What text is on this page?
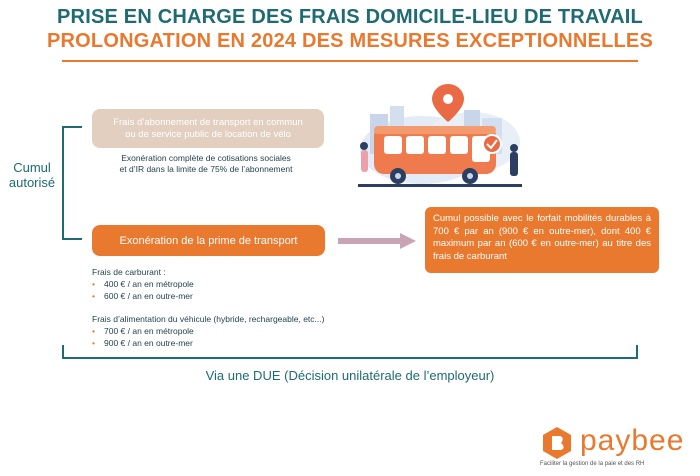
PRISE EN CHARGE DES FRAIS DOMICILE-LIEU DE TRAVAIL
PROLONGATION EN 2024 DES MESURES EXCEPTIONNELLES
Cumul
autorisé
Frais d’abonnement de transport en commun
ou de service public de location de vélo
Exonération complète de cotisations sociales
et d’IR dans la limite de 75% de l’abonnement
Exonération de la prime de transport
Cumul possible avec le forfait mobilités durables à 700 € par an (900 € en outre-mer), dont 400 € maximum par an (600 € en outre-mer) au titre des frais de carburant
Frais de carburant :
• 400 € / an en métropole
• 600 € / an en outre-mer
Frais d’alimentation du véhicule (hybride, rechargeable, etc...)
• 700 € / an en métropole
• 900 € / an en outre-mer
Via une DUE (Décision unilatérale de l’employeur)
paybee
Faciliter la gestion de la paie et des RH
